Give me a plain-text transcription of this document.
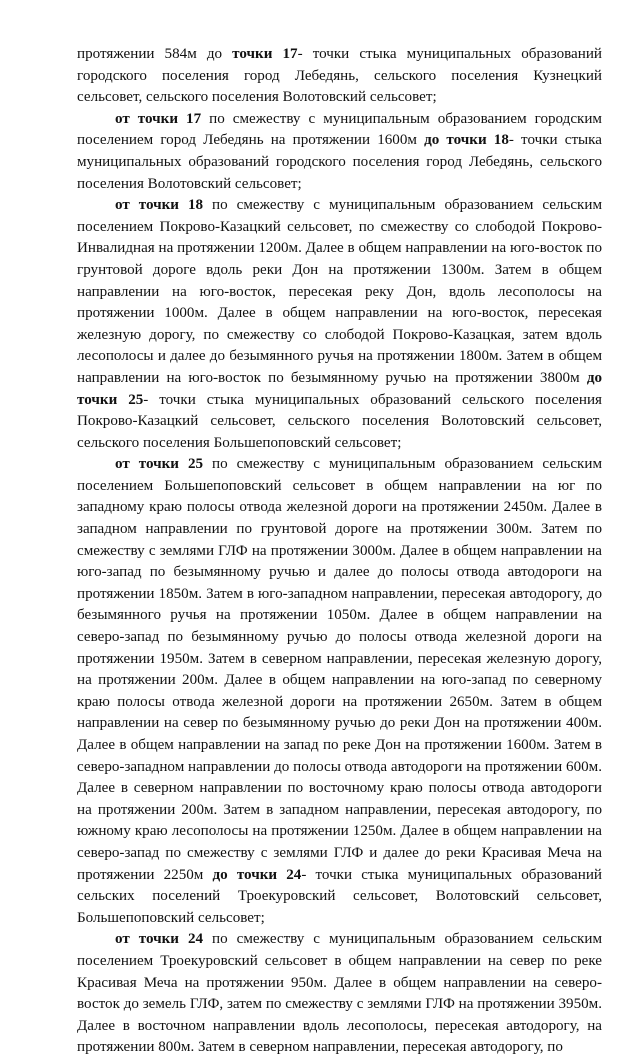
протяжении 584м до точки 17- точки стыка муниципальных образований городского поселения город Лебедянь, сельского поселения Кузнецкий сельсовет, сельского поселения Волотовский сельсовет;

от точки 17 по смежеству с муниципальным образованием городским поселением город Лебедянь на протяжении 1600м до точки 18- точки стыка муниципальных образований городского поселения город Лебедянь, сельского поселения Волотовский сельсовет;

от точки 18 по смежеству с муниципальным образованием сельским поселением Покрово-Казацкий сельсовет, по смежеству со слободой Покрово-Инвалидная на протяжении 1200м. Далее в общем направлении на юго-восток по грунтовой дороге вдоль реки Дон на протяжении 1300м. Затем в общем направлении на юго-восток, пересекая реку Дон, вдоль лесополосы на протяжении 1000м. Далее в общем направлении на юго-восток, пересекая железную дорогу, по смежеству со слободой Покрово-Казацкая, затем вдоль лесополосы и далее до безымянного ручья на протяжении 1800м. Затем в общем направлении на юго-восток по безымянному ручью на протяжении 3800м до точки 25- точки стыка муниципальных образований сельского поселения Покрово-Казацкий сельсовет, сельского поселения Волотовский сельсовет, сельского поселения Большепоповский сельсовет;

от точки 25 по смежеству с муниципальным образованием сельским поселением Большепоповский сельсовет в общем направлении на юг по западному краю полосы отвода железной дороги на протяжении 2450м. Далее в западном направлении по грунтовой дороге на протяжении 300м. Затем по смежеству с землями ГЛФ на протяжении 3000м. Далее в общем направлении на юго-запад по безымянному ручью и далее до полосы отвода автодороги на протяжении 1850м. Затем в юго-западном направлении, пересекая автодорогу, до безымянного ручья на протяжении 1050м. Далее в общем направлении на северо-запад по безымянному ручью до полосы отвода железной дороги на протяжении 1950м. Затем в северном направлении, пересекая железную дорогу, на протяжении 200м. Далее в общем направлении на юго-запад по северному краю полосы отвода железной дороги на протяжении 2650м. Затем в общем направлении на север по безымянному ручью до реки Дон на протяжении 400м. Далее в общем направлении на запад по реке Дон на протяжении 1600м. Затем в северо-западном направлении до полосы отвода автодороги на протяжении 600м. Далее в северном направлении по восточному краю полосы отвода автодороги на протяжении 200м. Затем в западном направлении, пересекая автодорогу, по южному краю лесополосы на протяжении 1250м. Далее в общем направлении на северо-запад по смежеству с землями ГЛФ и далее до реки Красивая Меча на протяжении 2250м до точки 24- точки стыка муниципальных образований сельских поселений Троекуровский сельсовет, Волотовский сельсовет, Большепоповский сельсовет;

от точки 24 по смежеству с муниципальным образованием сельским поселением Троекуровский сельсовет в общем направлении на север по реке Красивая Меча на протяжении 950м. Далее в общем направлении на северо-восток до земель ГЛФ, затем по смежеству с землями ГЛФ на протяжении 3950м. Далее в восточном направлении вдоль лесополосы, пересекая автодорогу, на протяжении 800м. Затем в северном направлении, пересекая автодорогу, по
